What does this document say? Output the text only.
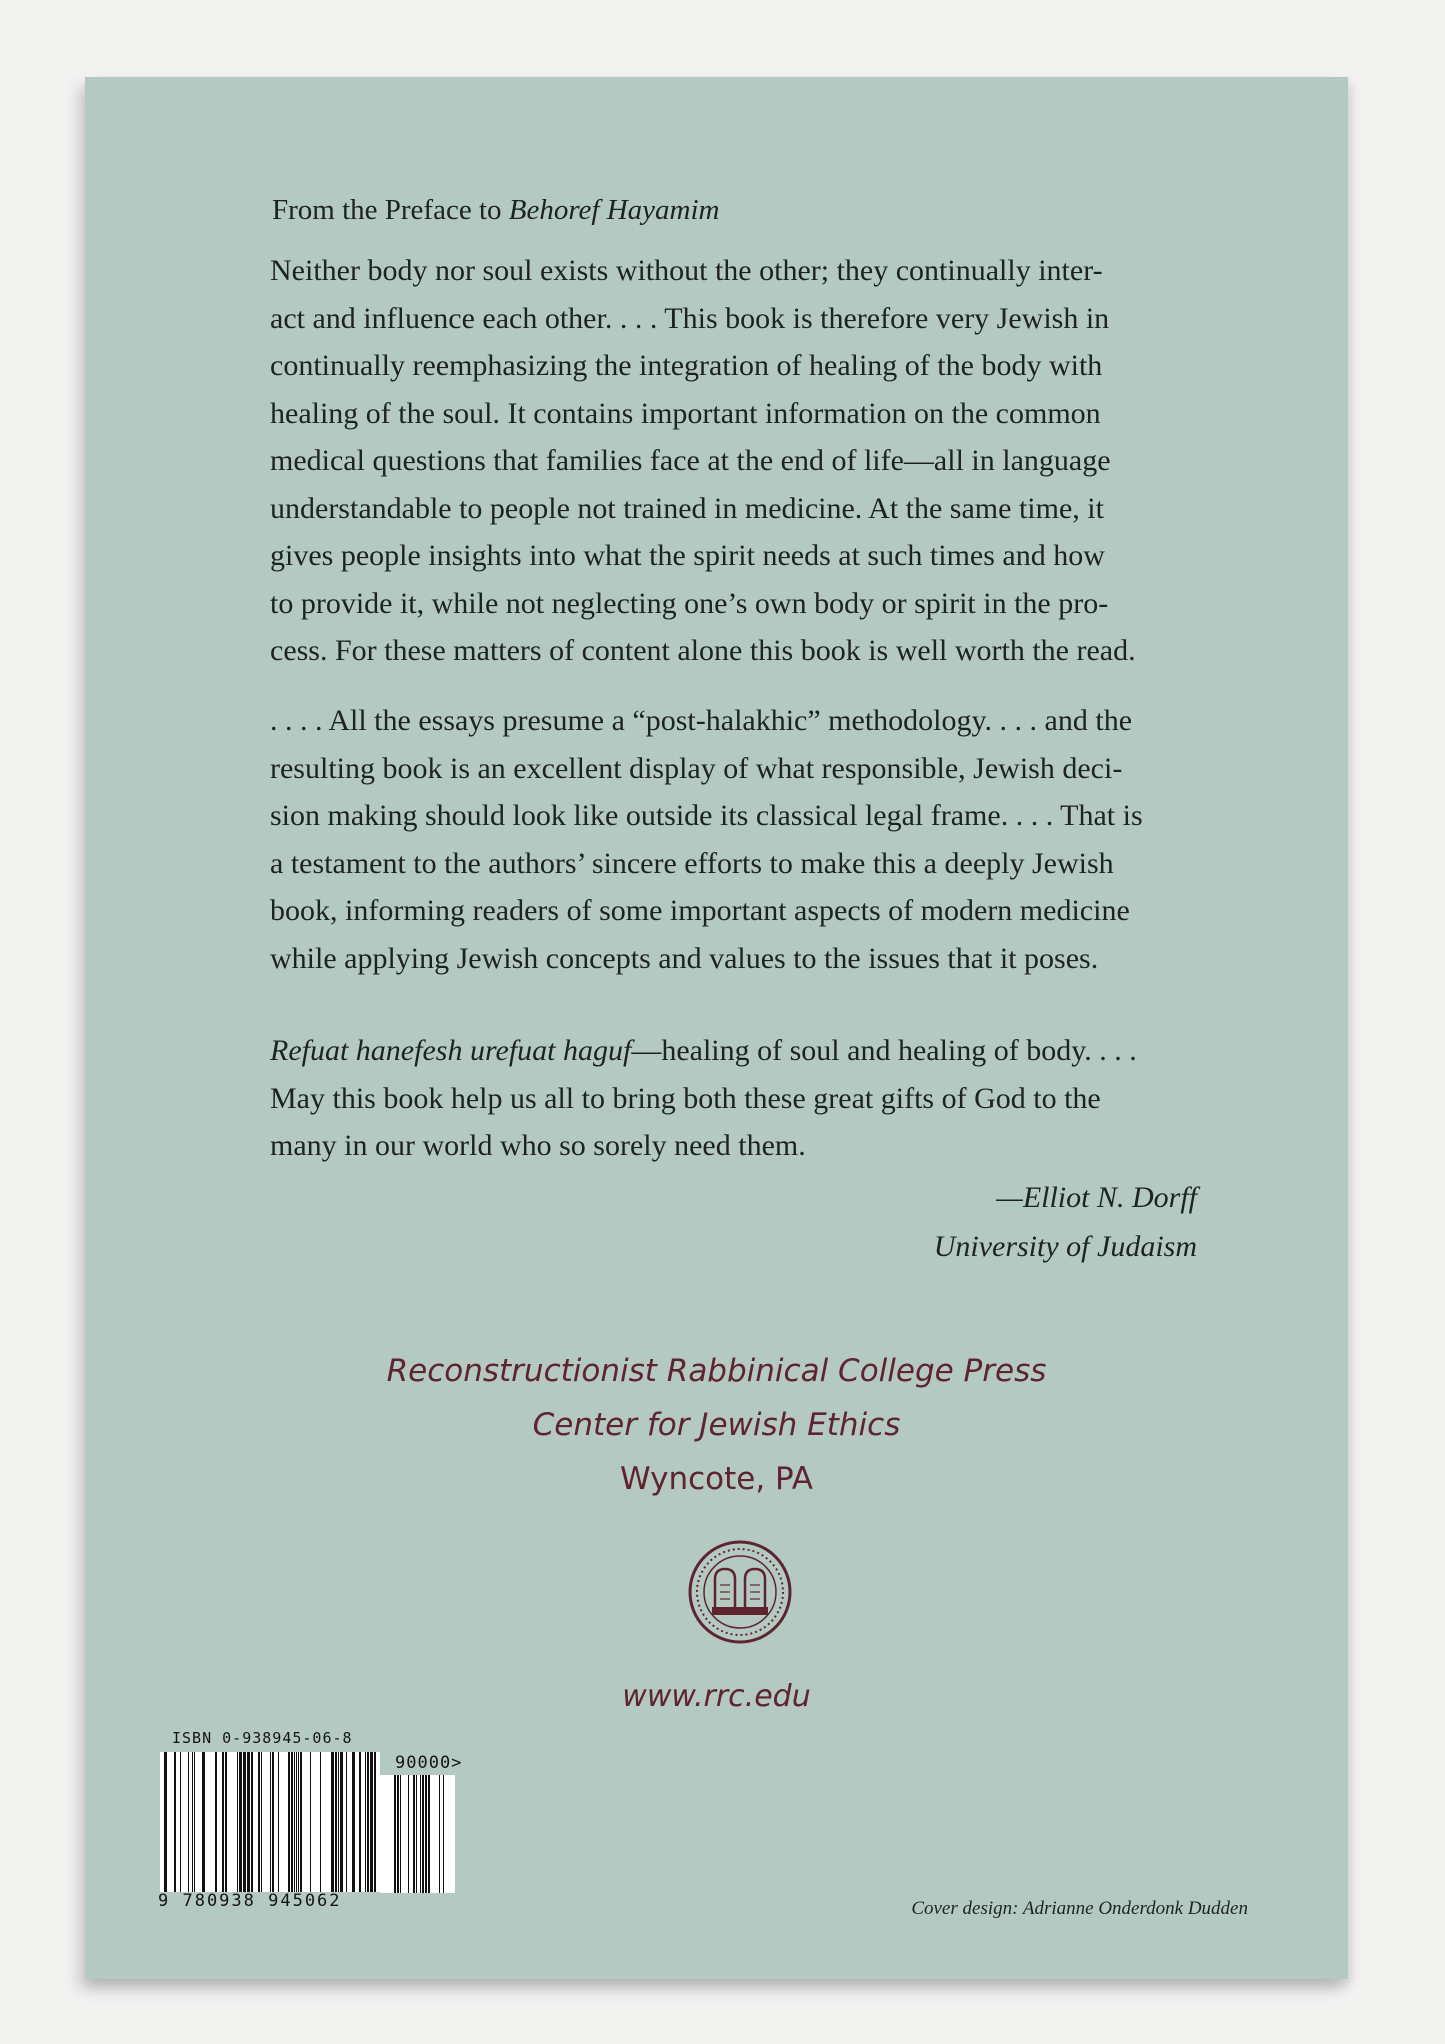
From the Preface to Behoref Hayamim

Neither body nor soul exists without the other; they continually inter-
act and influence each other. . . . This book is therefore very Jewish in
continually reemphasizing the integration of healing of the body with
healing of the soul. It contains important information on the common
medical questions that families face at the end of life—all in language
understandable to people not trained in medicine. At the same time, it
gives people insights into what the spirit needs at such times and how
to provide it, while not neglecting one’s own body or spirit in the pro-
cess. For these matters of content alone this book is well worth the read.

. . . . All the essays presume a “post-halakhic” methodology. . . . and the
resulting book is an excellent display of what responsible, Jewish deci-
sion making should look like outside its classical legal frame. . . . That is
a testament to the authors’ sincere efforts to make this a deeply Jewish
book, informing readers of some important aspects of modern medicine
while applying Jewish concepts and values to the issues that it poses.

Refuat hanefesh urefuat haguf—healing of soul and healing of body. . . .
May this book help us all to bring both these great gifts of God to the
many in our world who so sorely need them.

—Elliot N. Dorff
University of Judaism
Reconstructionist Rabbinical College Press
Center for Jewish Ethics
Wyncote, PA
www.rrc.edu
ISBN 0-938945-06-8
90000>
9 780938 945062	Cover design: Adrianne Onderdonk Dudden
